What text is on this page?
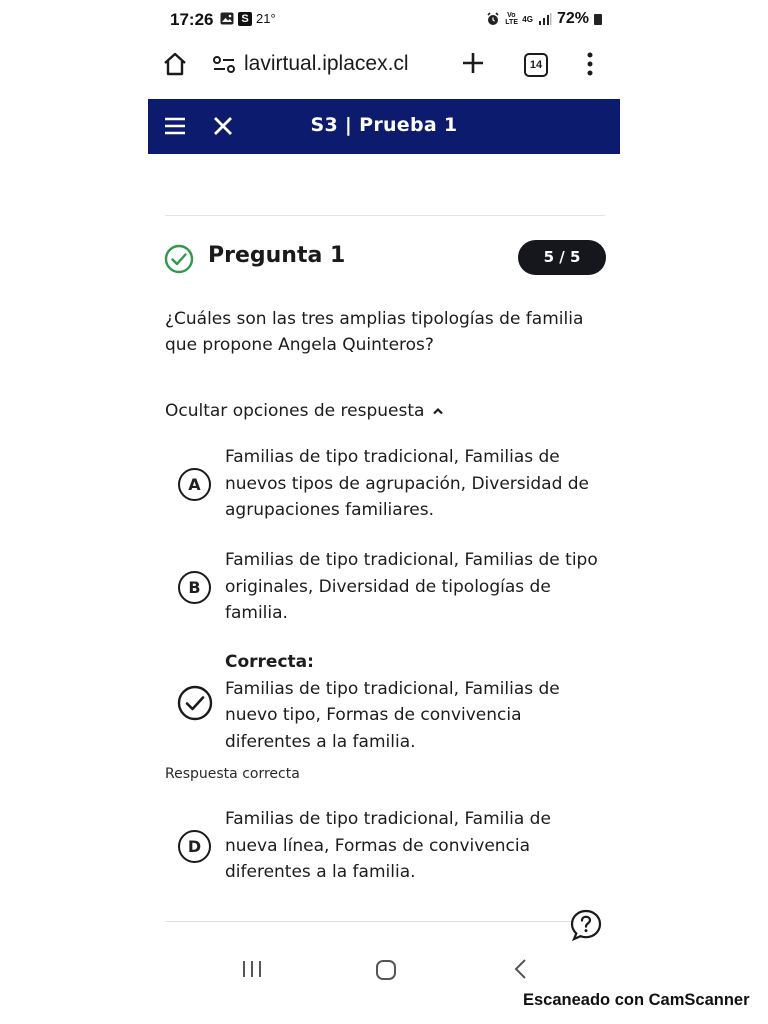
17:26	S 21°	Vo LTE 4G 72%
lavirtual.iplacex.cl	14
S3 | Prueba 1
Pregunta 1	5 / 5
¿Cuáles son las tres amplias tipologías de familia que propone Angela Quinteros?
Ocultar opciones de respuesta
A
Familias de tipo tradicional, Familias de nuevos tipos de agrupación, Diversidad de agrupaciones familiares.
B
Familias de tipo tradicional, Familias de tipo originales, Diversidad de tipologías de familia.
Correcta:
Familias de tipo tradicional, Familias de nuevo tipo, Formas de convivencia diferentes a la familia.
Respuesta correcta
D
Familias de tipo tradicional, Familia de nueva línea, Formas de convivencia diferentes a la familia.
Escaneado con CamScanner
